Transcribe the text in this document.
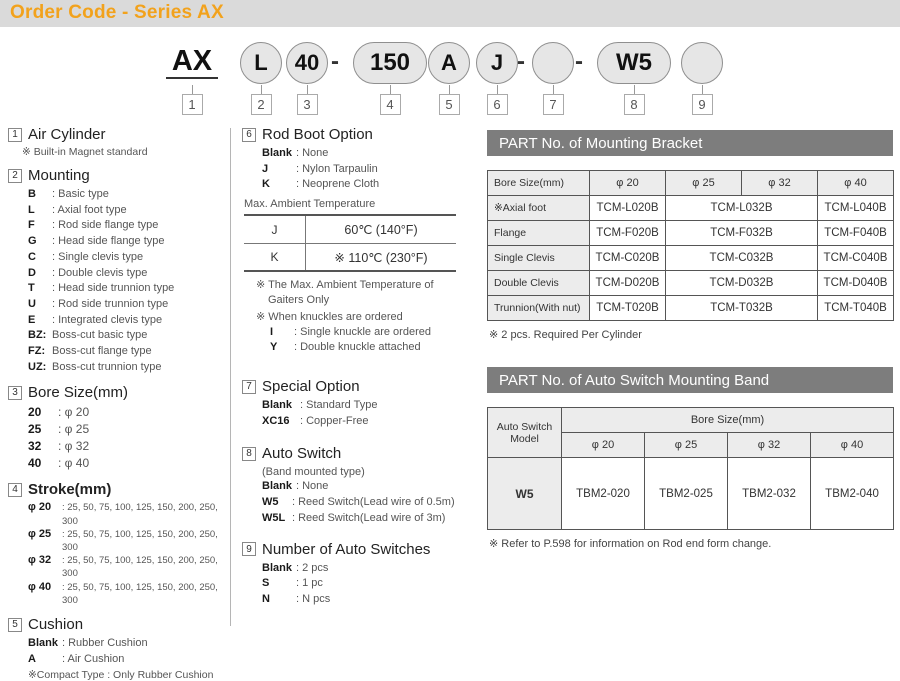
Order Code - Series AX
AX
1
L
2
40
3
-	150
4
A
5
J
6
-
7
-	W5
8	9
1 Air Cylinder
※ Built-in Magnet standard
2 Mounting
B	: Basic type
L	: Axial foot type
F	: Rod side flange type
G	: Head side flange type
C	: Single clevis type
D	: Double clevis type
T	: Head side trunnion type
U	: Rod side trunnion type
E	: Integrated clevis type
BZ: Boss-cut basic type
FZ: Boss-cut flange type
UZ: Boss-cut trunnion type
3 Bore Size(mm)
20	: φ 20
25	: φ 25
32	: φ 32
40	: φ 40
4 Stroke(mm)
φ 20	: 25, 50, 75, 100, 125, 150, 200, 250, 300
φ 25	: 25, 50, 75, 100, 125, 150, 200, 250, 300
φ 32	: 25, 50, 75, 100, 125, 150, 200, 250, 300
φ 40	: 25, 50, 75, 100, 125, 150, 200, 250, 300
5 Cushion
Blank : Rubber Cushion
A	: Air Cushion
※Compact Type : Only Rubber Cushion
6 Rod Boot Option
Blank : None
J	: Nylon Tarpaulin
K	: Neoprene Cloth
Max. Ambient Temperature
J	60℃ (140°F)
K	※ 110℃ (230°F)
※ The Max. Ambient Temperature of Gaiters Only
※ When knuckles are ordered
I	: Single knuckle are ordered
Y	: Double knuckle attached
7 Special Option
Blank : Standard Type
XC16 : Copper-Free
8 Auto Switch
(Band mounted type)
Blank : None
W5	: Reed Switch(Lead wire of 0.5m)
W5L : Reed Switch(Lead wire of 3m)
9 Number of Auto Switches
Blank : 2 pcs
S	: 1 pc
N	: N pcs
PART No. of Mounting Bracket
Bore Size(mm)	φ 20	φ 25	φ 32	φ 40
※Axial foot	TCM-L020B	TCM-L032B		TCM-L040B
Flange	TCM-F020B	TCM-F032B		TCM-F040B
Single Clevis	TCM-C020B	TCM-C032B		TCM-C040B
Double Clevis	TCM-D020B	TCM-D032B		TCM-D040B
Trunnion(With nut)	TCM-T020B	TCM-T032B		TCM-T040B
※ 2 pcs. Required Per Cylinder
PART No. of Auto Switch Mounting Band
Auto Switch Model	Bore Size(mm)			
	φ 20	φ 25	φ 32	φ 40
W5	TBM2-020	TBM2-025	TBM2-032	TBM2-040
※ Refer to P.598 for information on Rod end form change.
